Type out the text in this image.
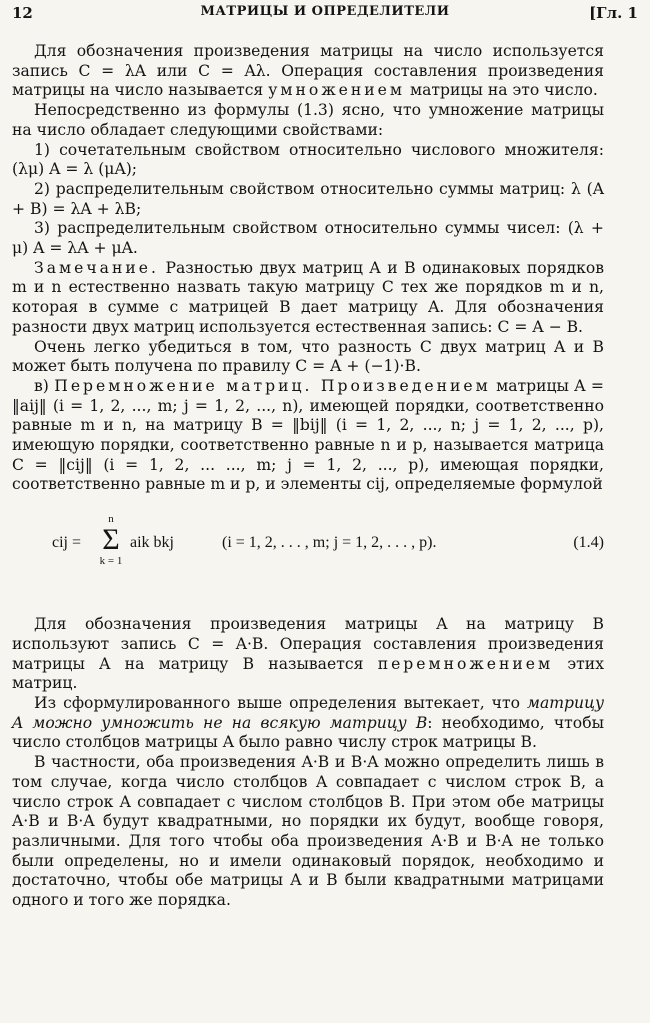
12	МАТРИЦЫ И ОПРЕДЕЛИТЕЛИ	[Гл. 1

Для обозначения произведения матрицы на число используется запись C = λA или C = Aλ. Операция составления произведения матрицы на число называется умножением матрицы на это число.

Непосредственно из формулы (1.3) ясно, что умножение матрицы на число обладает следующими свойствами:

1) сочетательным свойством относительно числового множителя: (λμ) A = λ (μA);

2) распределительным свойством относительно суммы матриц: λ (A + B) = λA + λB;

3) распределительным свойством относительно суммы чисел: (λ + μ) A = λA + μA.

Замечание. Разностью двух матриц A и B одинаковых порядков m и n естественно назвать такую матрицу C тех же порядков m и n, которая в сумме с матрицей B дает матрицу A. Для обозначения разности двух матриц используется естественная запись: C = A − B.

Очень легко убедиться в том, что разность C двух матриц A и B может быть получена по правилу C = A + (−1)·B.

в) Перемножение матриц. Произведением матрицы A = ‖aij‖ (i = 1, 2, ..., m; j = 1, 2, ..., n), имеющей порядки, соответственно равные m и n, на матрицу B = ‖bij‖ (i = 1, 2, ..., n; j = 1, 2, ..., p), имеющую порядки, соответственно равные n и p, называется матрица C = ‖cij‖ (i = 1, 2, ... ..., m; j = 1, 2, ..., p), имеющая порядки, соответственно равные m и p, и элементы cij, определяемые формулой

cij =
n
Σ
k = 1
aik bkj	(i = 1, 2, . . . , m; j = 1, 2, . . . , p).	(1.4)

Для обозначения произведения матрицы A на матрицу B используют запись C = A·B. Операция составления произведения матрицы A на матрицу B называется перемножением этих матриц.

Из сформулированного выше определения вытекает, что матрицу A можно умножить не на всякую матрицу B: необходимо, чтобы число столбцов матрицы A было равно числу строк матрицы B.

В частности, оба произведения A·B и B·A можно определить лишь в том случае, когда число столбцов A совпадает с числом строк B, а число строк A совпадает с числом столбцов B. При этом обе матрицы A·B и B·A будут квадратными, но порядки их будут, вообще говоря, различными. Для того чтобы оба произведения A·B и B·A не только были определены, но и имели одинаковый порядок, необходимо и достаточно, чтобы обе матрицы A и B были квадратными матрицами одного и того же порядка.
